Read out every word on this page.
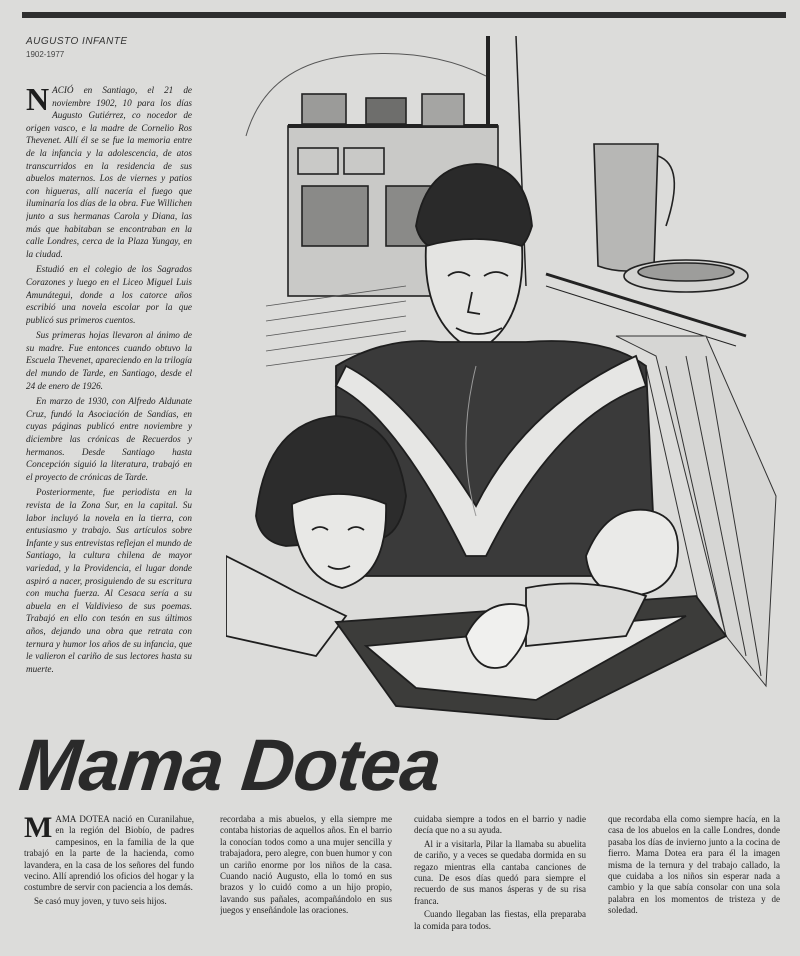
AUGUSTO INFANTE
1902-1977

NACIÓ en Santiago, el 21 de noviembre 1902, 10 para los días Augusto Gutiérrez, co nocedor de origen vasco, e la madre de Cornelio Ros Thevenet. Allí él se se fue la memoria entre de la infancia y la adolescencia, de atos transcurridos en la residencia de sus abuelos maternos. Los de viernes y patios con higueras, allí nacería el fuego que iluminaría los días de la obra. Fue Willichen junto a sus hermanas Carola y Diana, las más que habitaban se encontraban en la calle Londres, cerca de la Plaza Yungay, en la ciudad.

Estudió en el colegio de los Sagrados Corazones y luego en el Liceo Miguel Luis Amunátegui, donde a los catorce años escribió una novela escolar por la que publicó sus primeros cuentos.

Sus primeras hojas llevaron al ánimo de su madre. Fue entonces cuando obtuvo la Escuela Thevenet, apareciendo en la trilogía del mundo de Tarde, en Santiago, desde el 24 de enero de 1926.

En marzo de 1930, con Alfredo Aldunate Cruz, fundó la Asociación de Sandías, en cuyas páginas publicó entre noviembre y diciembre las crónicas de Recuerdos y hermanos. Desde Santiago hasta Concepción siguió la literatura, trabajó en el proyecto de crónicas de Tarde.

Posteriormente, fue periodista en la revista de la Zona Sur, en la capital. Su labor incluyó la novela en la tierra, con entusiasmo y trabajo. Sus artículos sobre Infante y sus entrevistas reflejan el mundo de Santiago, la cultura chilena de mayor variedad, y la Providencia, el lugar donde aspiró a nacer, prosiguiendo de su escritura con mucha fuerza. Al Cesaca sería a su abuela en el Valdivieso de sus poemas. Trabajó en ello con tesón en sus últimos años, dejando una obra que retrata con ternura y humor los años de su infancia, que le valieron el cariño de sus lectores hasta su muerte.

Mama Dotea

MAMA DOTEA nació en Curanilahue, en la región del Biobío, de padres campesinos, en la familia de la que trabajó en la parte de la hacienda, como lavandera, en la casa de los señores del fundo vecino. Allí aprendió los oficios del hogar y la costumbre de servir con paciencia a los demás.

Se casó muy joven, y tuvo seis hijos.

recordaba a mis abuelos, y ella siempre me contaba historias de aquellos años. En el barrio la conocían todos como a una mujer sencilla y trabajadora, pero alegre, con buen humor y con un cariño enorme por los niños de la casa. Cuando nació Augusto, ella lo tomó en sus brazos y lo cuidó como a un hijo propio, lavando sus pañales, acompañándolo en sus juegos y enseñándole las oraciones.

cuidaba siempre a todos en el barrio y nadie decía que no a su ayuda.

Al ir a visitarla, Pilar la llamaba su abuelita de cariño, y a veces se quedaba dormida en su regazo mientras ella cantaba canciones de cuna. De esos días quedó para siempre el recuerdo de sus manos ásperas y de su risa franca.

Cuando llegaban las fiestas, ella preparaba la comida para todos.

que recordaba ella como siempre hacía, en la casa de los abuelos en la calle Londres, donde pasaba los días de invierno junto a la cocina de fierro. Mama Dotea era para él la imagen misma de la ternura y del trabajo callado, la que cuidaba a los niños sin esperar nada a cambio y la que sabía consolar con una sola palabra en los momentos de tristeza y de soledad.
